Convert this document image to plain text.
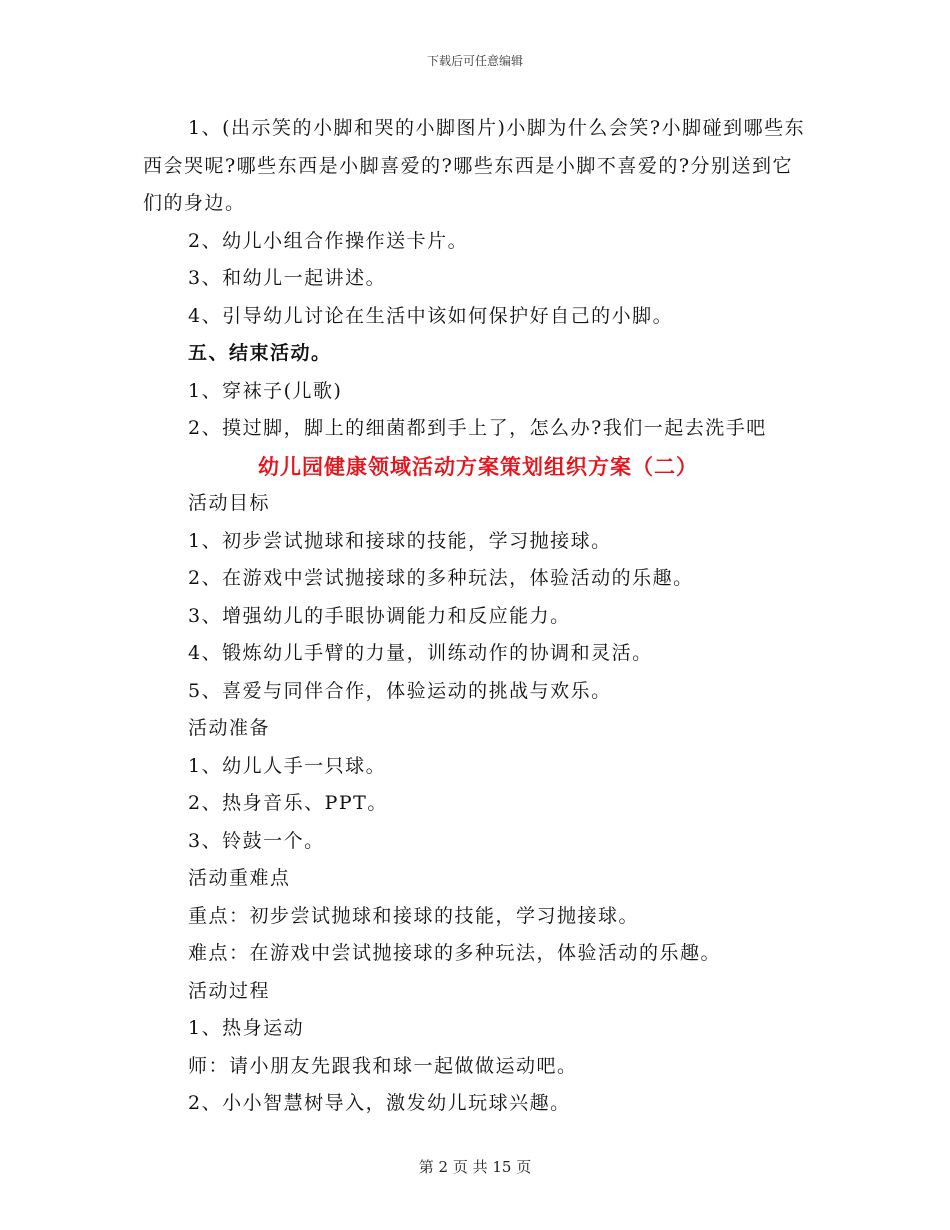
下载后可任意编辑

1、(出示笑的小脚和哭的小脚图片)小脚为什么会笑?小脚碰到哪些东西会哭呢?哪些东西是小脚喜爱的?哪些东西是小脚不喜爱的?分别送到它们的身边。

2、幼儿小组合作操作送卡片。

3、和幼儿一起讲述。

4、引导幼儿讨论在生活中该如何保护好自己的小脚。

五、结束活动。

1、穿袜子(儿歌)

2、摸过脚，脚上的细菌都到手上了，怎么办?我们一起去洗手吧

幼儿园健康领域活动方案策划组织方案（二）

活动目标

1、初步尝试抛球和接球的技能，学习抛接球。

2、在游戏中尝试抛接球的多种玩法，体验活动的乐趣。

3、增强幼儿的手眼协调能力和反应能力。

4、锻炼幼儿手臂的力量，训练动作的协调和灵活。

5、喜爱与同伴合作，体验运动的挑战与欢乐。

活动准备

1、幼儿人手一只球。

2、热身音乐、PPT。

3、铃鼓一个。

活动重难点

重点：初步尝试抛球和接球的技能，学习抛接球。

难点：在游戏中尝试抛接球的多种玩法，体验活动的乐趣。

活动过程

1、热身运动

师：请小朋友先跟我和球一起做做运动吧。

2、小小智慧树导入，激发幼儿玩球兴趣。

第 2 页 共 15 页
